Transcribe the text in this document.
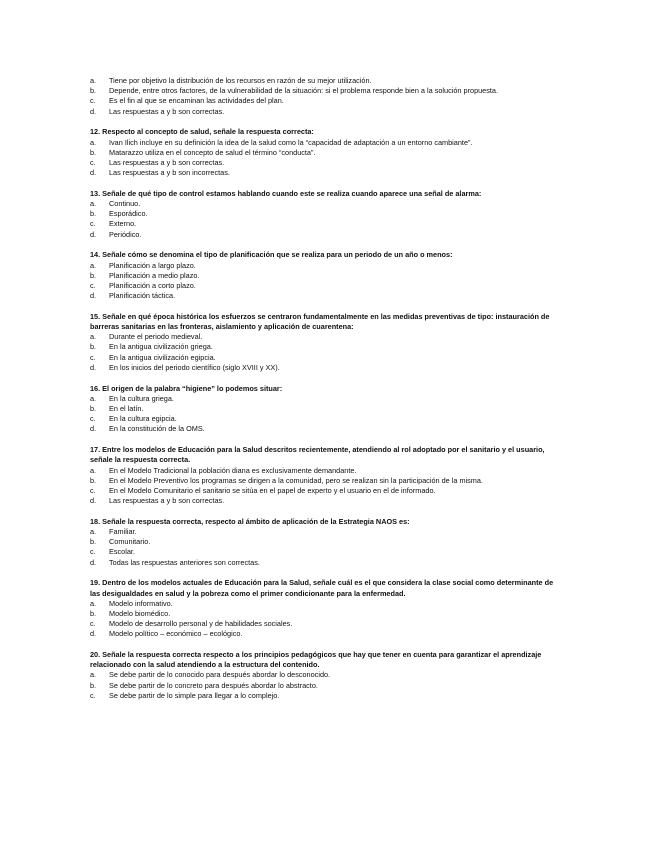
a. Tiene por objetivo la distribución de los recursos en razón de su mejor utilización.
b. Depende, entre otros factores, de la vulnerabilidad de la situación: si el problema responde bien a la solución propuesta.
c. Es el fin al que se encaminan las actividades del plan.
d. Las respuestas a y b son correctas.

12. Respecto al concepto de salud, señale la respuesta correcta:

a. Ivan Ilich incluye en su definición la idea de la salud como la “capacidad de adaptación a un entorno cambiante”.
b. Matarazzo utiliza en el concepto de salud el término “conducta”.
c. Las respuestas a y b son correctas.
d. Las respuestas a y b son incorrectas.

13. Señale de qué tipo de control estamos hablando cuando este se realiza cuando aparece una señal de alarma:

a. Continuo.
b. Esporádico.
c. Externo.
d. Periódico.

14. Señale cómo se denomina el tipo de planificación que se realiza para un periodo de un año o menos:

a. Planificación a largo plazo.
b. Planificación a medio plazo.
c. Planificación a corto plazo.
d. Planificación táctica.

15. Señale en qué época histórica los esfuerzos se centraron fundamentalmente en las medidas preventivas de tipo: instauración de barreras sanitarias en las fronteras, aislamiento y aplicación de cuarentena:

a. Durante el periodo medieval.
b. En la antigua civilización griega.
c. En la antigua civilización egipcia.
d. En los inicios del periodo científico (siglo XVIII y XX).

16. El origen de la palabra “higiene” lo podemos situar:

a. En la cultura griega.
b. En el latín.
c. En la cultura egipcia.
d. En la constitución de la OMS.

17. Entre los modelos de Educación para la Salud descritos recientemente, atendiendo al rol adoptado por el sanitario y el usuario, señale la respuesta correcta.

a. En el Modelo Tradicional la población diana es exclusivamente demandante.
b. En el Modelo Preventivo los programas se dirigen a la comunidad, pero se realizan sin la participación de la misma.
c. En el Modelo Comunitario el sanitario se sitúa en el papel de experto y el usuario en el de informado.
d. Las respuestas a y b son correctas.

18. Señale la respuesta correcta, respecto al ámbito de aplicación de la Estrategia NAOS es:

a. Familiar.
b. Comunitario.
c. Escolar.
d. Todas las respuestas anteriores son correctas.

19. Dentro de los modelos actuales de Educación para la Salud, señale cuál es el que considera la clase social como determinante de las desigualdades en salud y la pobreza como el primer condicionante para la enfermedad.

a. Modelo informativo.
b. Modelo biomédico.
c. Modelo de desarrollo personal y de habilidades sociales.
d. Modelo político – económico – ecológico.

20. Señale la respuesta correcta respecto a los principios pedagógicos que hay que tener en cuenta para garantizar el aprendizaje relacionado con la salud atendiendo a la estructura del contenido.

a. Se debe partir de lo conocido para después abordar lo desconocido.
b. Se debe partir de lo concreto para después abordar lo abstracto.
c. Se debe partir de lo simple para llegar a lo complejo.
